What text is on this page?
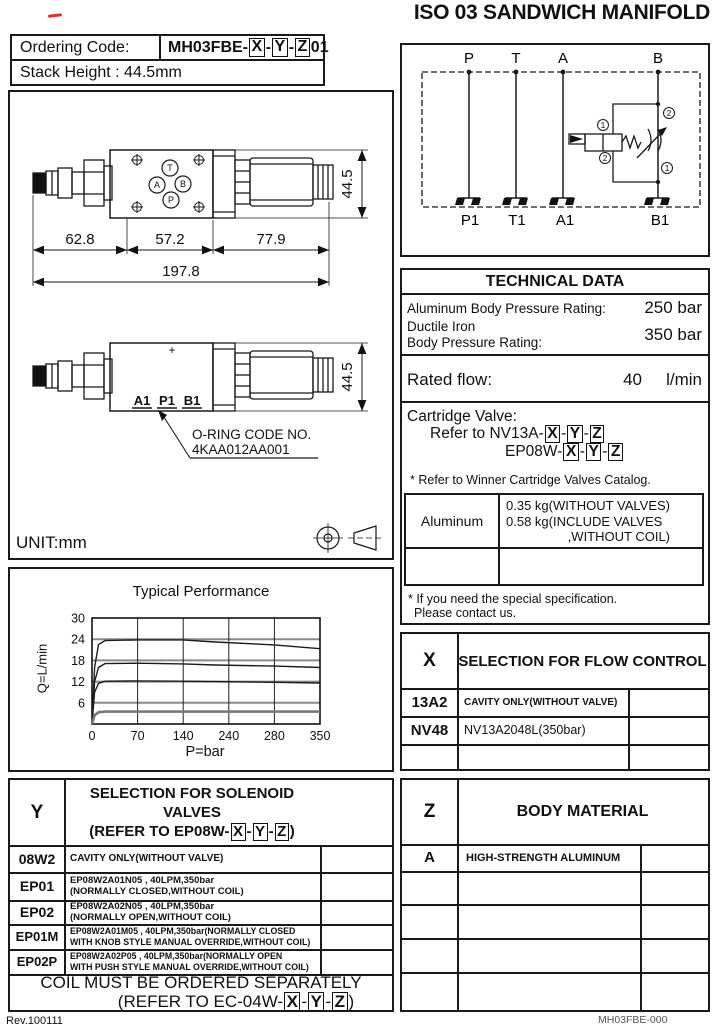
ISO 03 SANDWICH MANIFOLD
Ordering Code: MH03FBE- X - Y - Z 01
Stack Height : 44.5mm
P T A	B
P1 T1 A1	B1
1
2
2
1
T
A B
P
62.8	57.2	77.9
197.8
44.5
+
A1 P1 B1
44.5
O-RING CODE NO.
4KAA012AA001
UNIT:mm
Typical Performance
Q=L/min
P=bar
6
12
18
24
30
0	70 140 240 280 350
TECHNICAL DATA
Aluminum Body Pressure Rating: 250 bar
Ductile Iron
Body Pressure Rating:	350 bar
Rated flow:	40 l/min
Cartridge Valve:
Refer to NV13A- X - Y - Z
EP08W- X - Y - Z
* Refer to Winner Cartridge Valves Catalog.
Aluminum
0.35 kg(WITHOUT VALVES)
0.58 kg(INCLUDE VALVES
,WITHOUT COIL)
* If you need the special specification.
Please contact us.
X	SELECTION FOR FLOW CONTROL
13A2	CAVITY ONLY(WITHOUT VALVE)
NV48	NV13A2048L(350bar)
Z	BODY MATERIAL
A	HIGH-STRENGTH ALUMINUM
MH03FBE-000
Y
SELECTION FOR SOLENOID VALVES
(REFER TO EP08W- X - Y - Z )
08W2	CAVITY ONLY(WITHOUT VALVE)
EP01	EP08W2A01N05 , 40LPM,350bar
(NORMALLY CLOSED,WITHOUT COIL)
EP02	EP08W2A02N05 , 40LPM,350bar
(NORMALLY OPEN,WITHOUT COIL)
EP01M	EP08W2A01M05 , 40LPM,350bar(NORMALLY CLOSED
WITH KNOB STYLE MANUAL OVERRIDE,WITHOUT COIL)
EP02P	EP08W2A02P05 , 40LPM,350bar(NORMALLY OPEN
WITH PUSH STYLE MANUAL OVERRIDE,WITHOUT COIL)
COIL MUST BE ORDERED SEPARATELY
(REFER TO EC-04W- X - Y - Z )
Rev.100111
